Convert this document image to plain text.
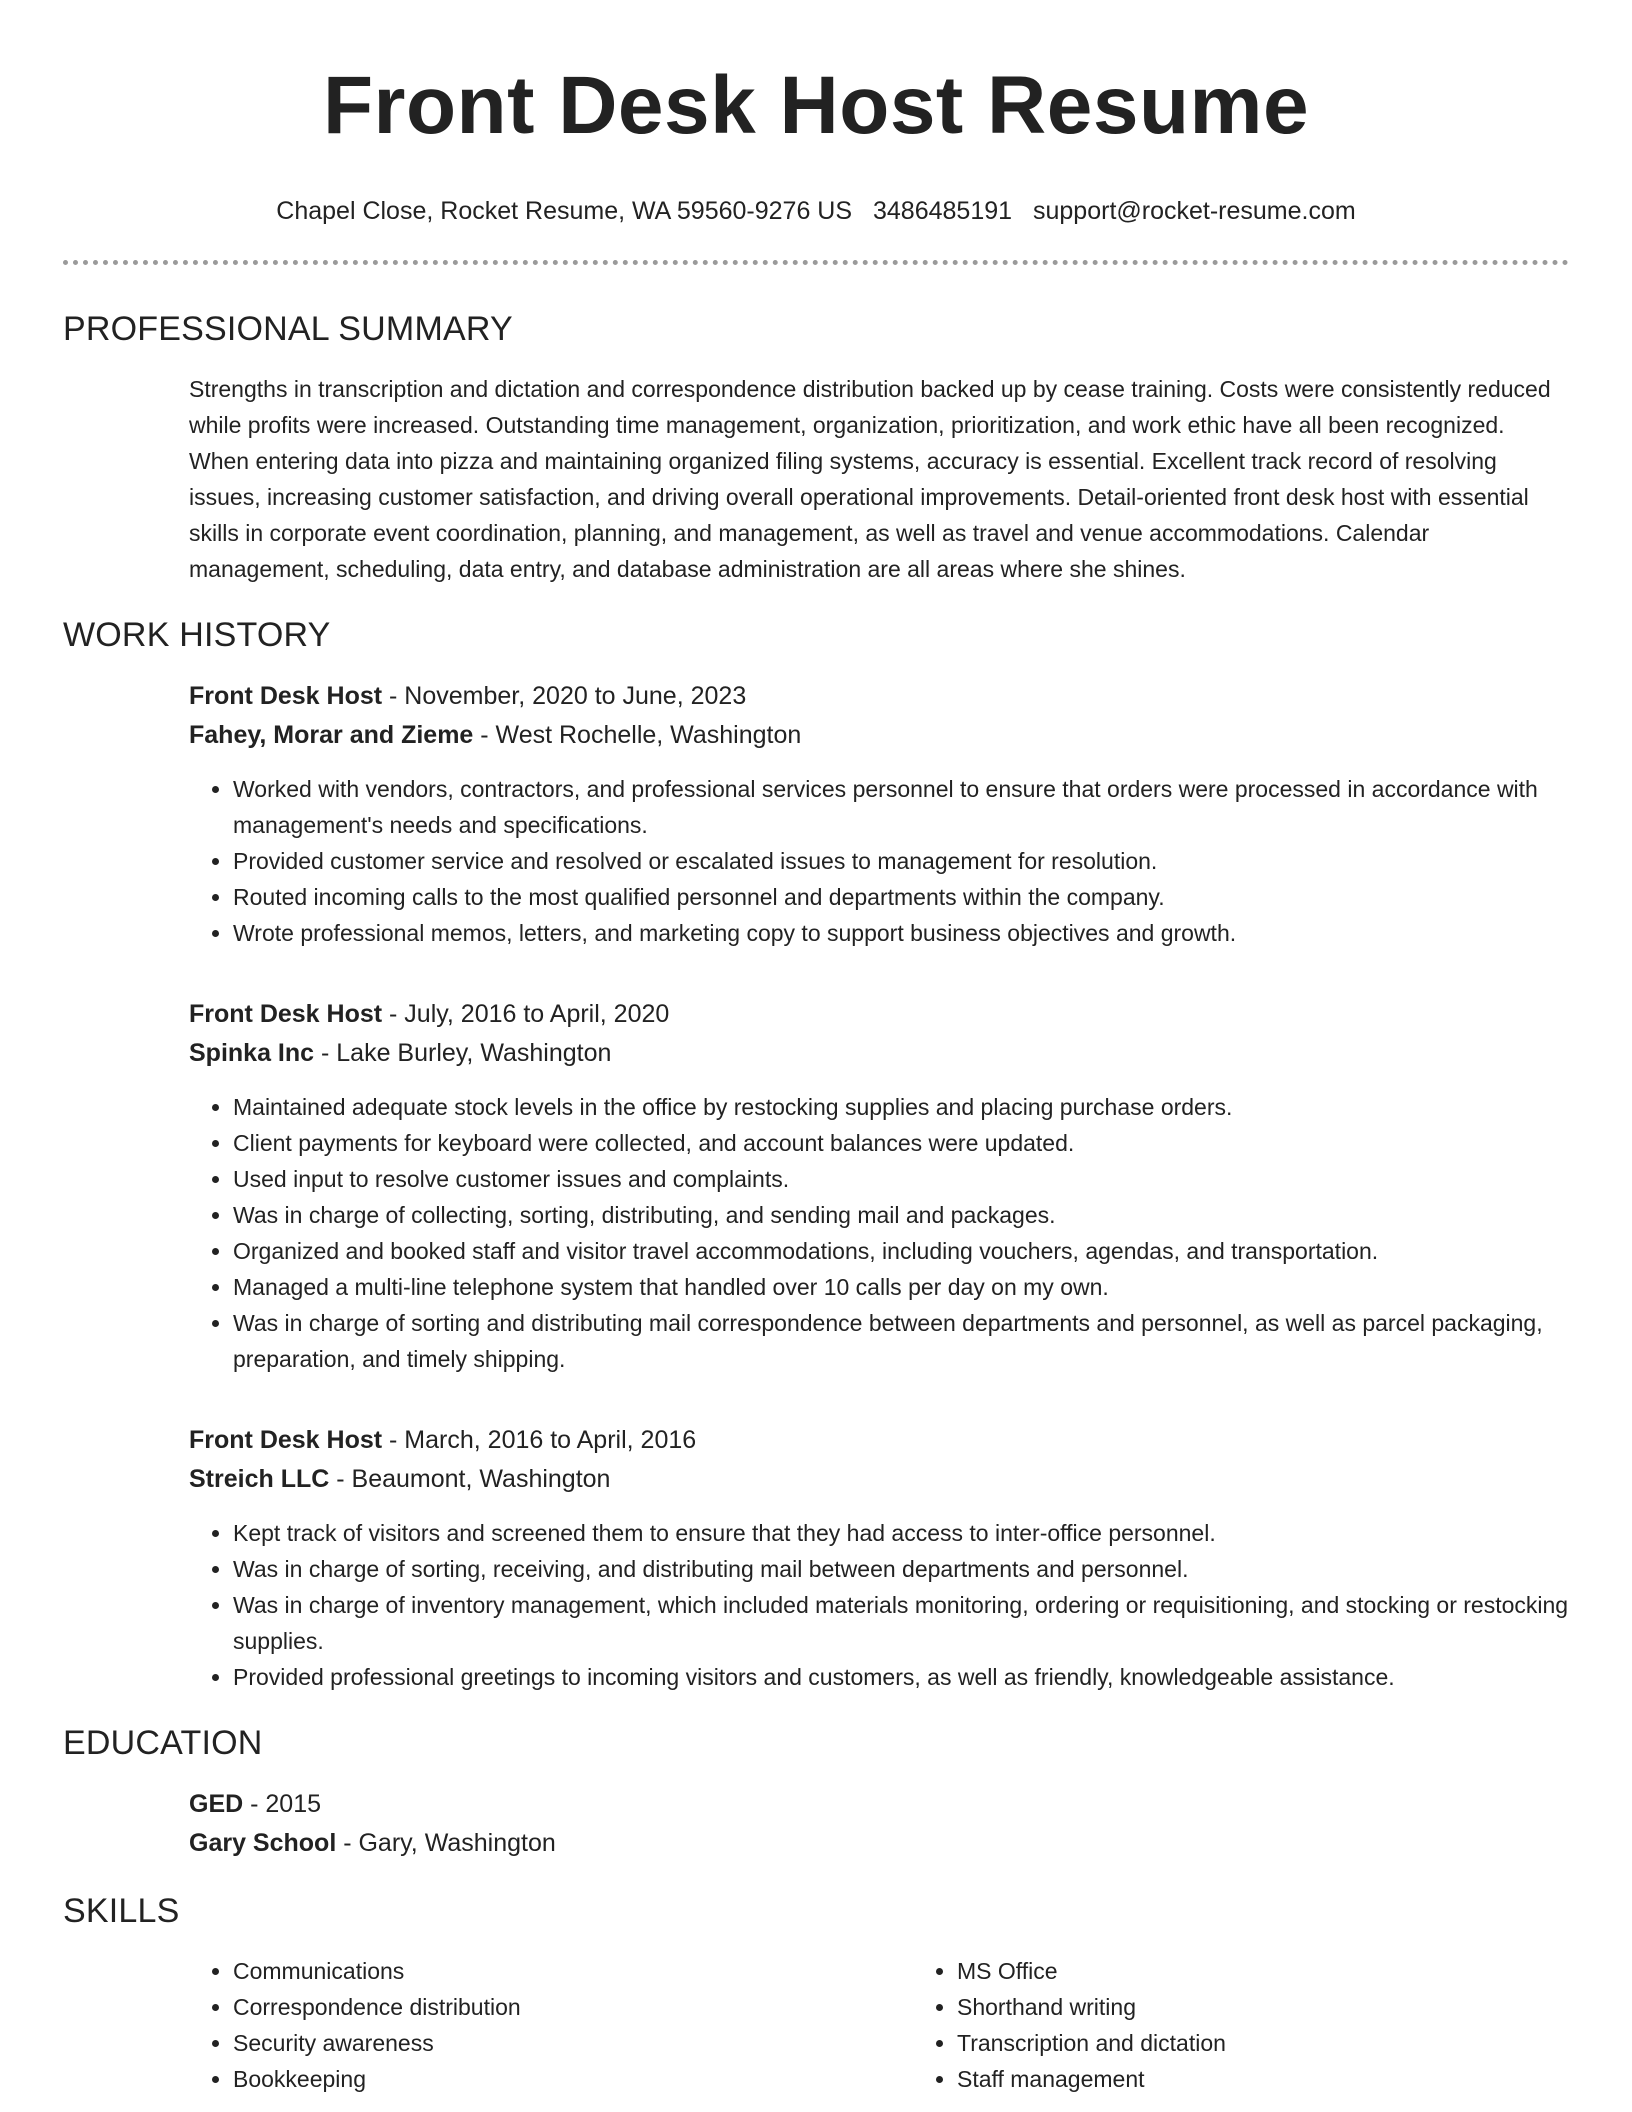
Front Desk Host Resume
Chapel Close, Rocket Resume, WA 59560-9276 US 3486485191 support@rocket-resume.com
PROFESSIONAL SUMMARY
Strengths in transcription and dictation and correspondence distribution backed up by cease training. Costs were consistently reduced while profits were increased. Outstanding time management, organization, prioritization, and work ethic have all been recognized. When entering data into pizza and maintaining organized filing systems, accuracy is essential. Excellent track record of resolving issues, increasing customer satisfaction, and driving overall operational improvements. Detail-oriented front desk host with essential skills in corporate event coordination, planning, and management, as well as travel and venue accommodations. Calendar management, scheduling, data entry, and database administration are all areas where she shines.
WORK HISTORY
Front Desk Host - November, 2020 to June, 2023
Fahey, Morar and Zieme - West Rochelle, Washington
• Worked with vendors, contractors, and professional services personnel to ensure that orders were processed in accordance with management's needs and specifications.
• Provided customer service and resolved or escalated issues to management for resolution.
• Routed incoming calls to the most qualified personnel and departments within the company.
• Wrote professional memos, letters, and marketing copy to support business objectives and growth.
Front Desk Host - July, 2016 to April, 2020
Spinka Inc - Lake Burley, Washington
• Maintained adequate stock levels in the office by restocking supplies and placing purchase orders.
• Client payments for keyboard were collected, and account balances were updated.
• Used input to resolve customer issues and complaints.
• Was in charge of collecting, sorting, distributing, and sending mail and packages.
• Organized and booked staff and visitor travel accommodations, including vouchers, agendas, and transportation.
• Managed a multi-line telephone system that handled over 10 calls per day on my own.
• Was in charge of sorting and distributing mail correspondence between departments and personnel, as well as parcel packaging, preparation, and timely shipping.
Front Desk Host - March, 2016 to April, 2016
Streich LLC - Beaumont, Washington
• Kept track of visitors and screened them to ensure that they had access to inter-office personnel.
• Was in charge of sorting, receiving, and distributing mail between departments and personnel.
• Was in charge of inventory management, which included materials monitoring, ordering or requisitioning, and stocking or restocking supplies.
• Provided professional greetings to incoming visitors and customers, as well as friendly, knowledgeable assistance.
EDUCATION
GED - 2015
Gary School - Gary, Washington
SKILLS
• Communications
• Correspondence distribution
• Security awareness
• Bookkeeping
• MS Office
• Shorthand writing
• Transcription and dictation
• Staff management
